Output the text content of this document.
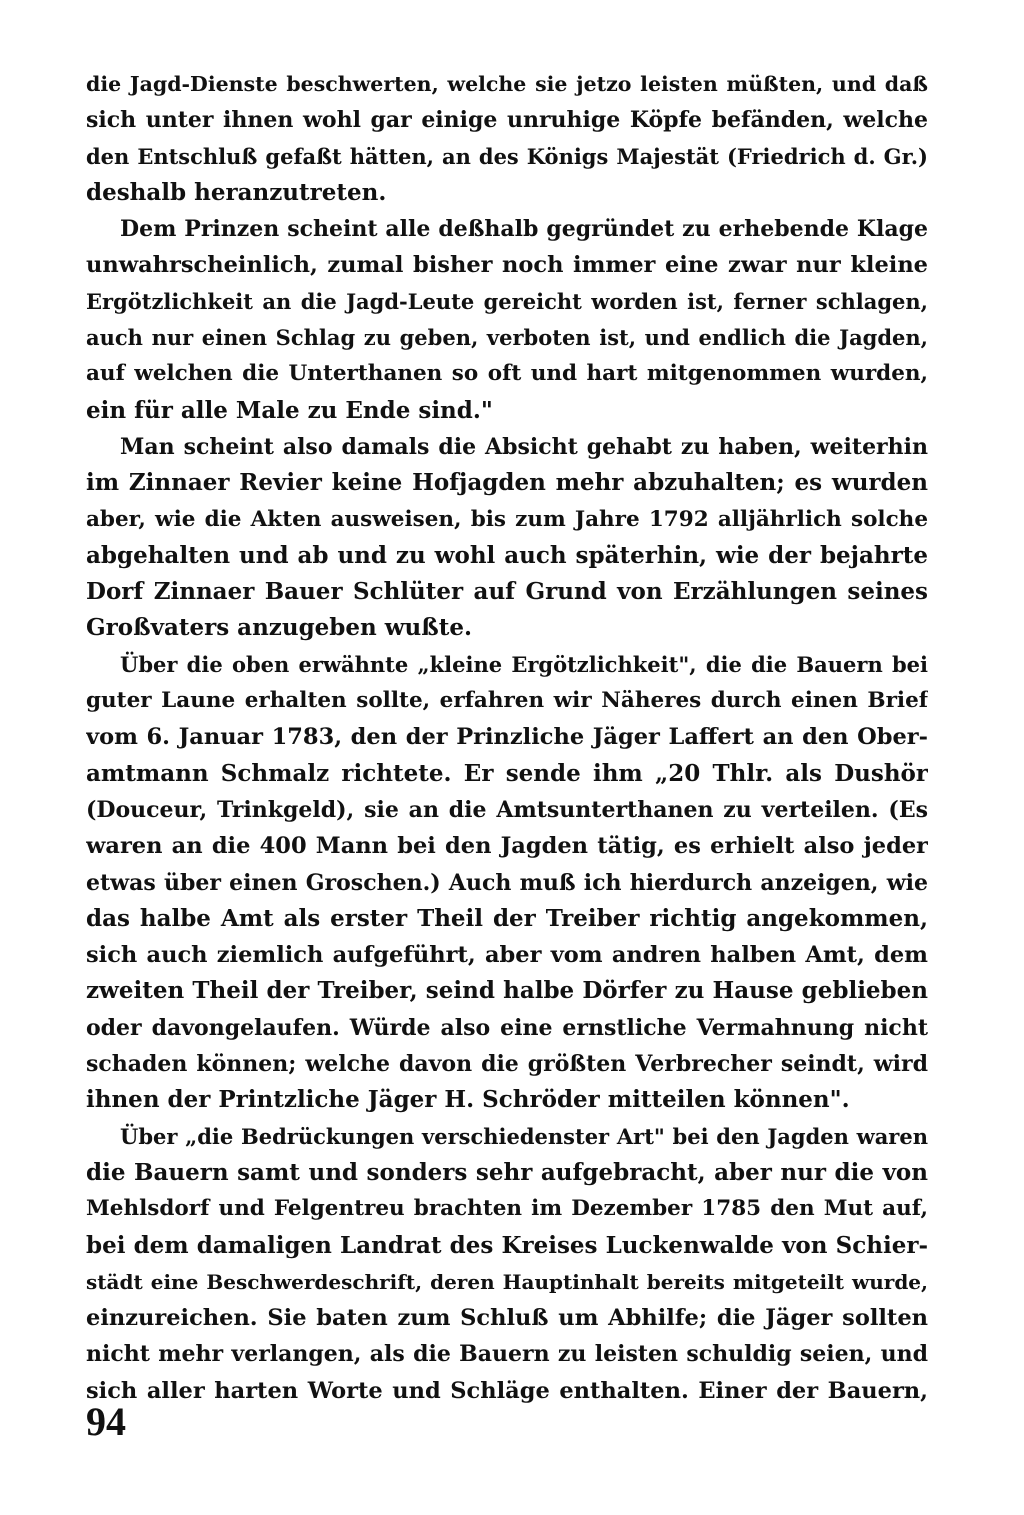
die Jagd-Dienste beschwerten, welche sie jetzo leisten müßten, und daß
sich unter ihnen wohl gar einige unruhige Köpfe befänden, welche
den Entschluß gefaßt hätten, an des Königs Majestät (Friedrich d. Gr.)
deshalb heranzutreten.
Dem Prinzen scheint alle deßhalb gegründet zu erhebende Klage
unwahrscheinlich, zumal bisher noch immer eine zwar nur kleine
Ergötzlichkeit an die Jagd-Leute gereicht worden ist, ferner schlagen,
auch nur einen Schlag zu geben, verboten ist, und endlich die Jagden,
auf welchen die Unterthanen so oft und hart mitgenommen wurden,
ein für alle Male zu Ende sind."
Man scheint also damals die Absicht gehabt zu haben, weiterhin
im Zinnaer Revier keine Hofjagden mehr abzuhalten; es wurden
aber, wie die Akten ausweisen, bis zum Jahre 1792 alljährlich solche
abgehalten und ab und zu wohl auch späterhin, wie der bejahrte
Dorf Zinnaer Bauer Schlüter auf Grund von Erzählungen seines
Großvaters anzugeben wußte.
Über die oben erwähnte „kleine Ergötzlichkeit", die die Bauern bei
guter Laune erhalten sollte, erfahren wir Näheres durch einen Brief
vom 6. Januar 1783, den der Prinzliche Jäger Laffert an den Ober-
amtmann Schmalz richtete. Er sende ihm „20 Thlr. als Dushör
(Douceur, Trinkgeld), sie an die Amtsunterthanen zu verteilen. (Es
waren an die 400 Mann bei den Jagden tätig, es erhielt also jeder
etwas über einen Groschen.) Auch muß ich hierdurch anzeigen, wie
das halbe Amt als erster Theil der Treiber richtig angekommen,
sich auch ziemlich aufgeführt, aber vom andren halben Amt, dem
zweiten Theil der Treiber, seind halbe Dörfer zu Hause geblieben
oder davongelaufen. Würde also eine ernstliche Vermahnung nicht
schaden können; welche davon die größten Verbrecher seindt, wird
ihnen der Printzliche Jäger H. Schröder mitteilen können".
Über „die Bedrückungen verschiedenster Art" bei den Jagden waren
die Bauern samt und sonders sehr aufgebracht, aber nur die von
Mehlsdorf und Felgentreu brachten im Dezember 1785 den Mut auf,
bei dem damaligen Landrat des Kreises Luckenwalde von Schier-
städt eine Beschwerdeschrift, deren Hauptinhalt bereits mitgeteilt wurde,
einzureichen. Sie baten zum Schluß um Abhilfe; die Jäger sollten
nicht mehr verlangen, als die Bauern zu leisten schuldig seien, und
sich aller harten Worte und Schläge enthalten. Einer der Bauern,
94
